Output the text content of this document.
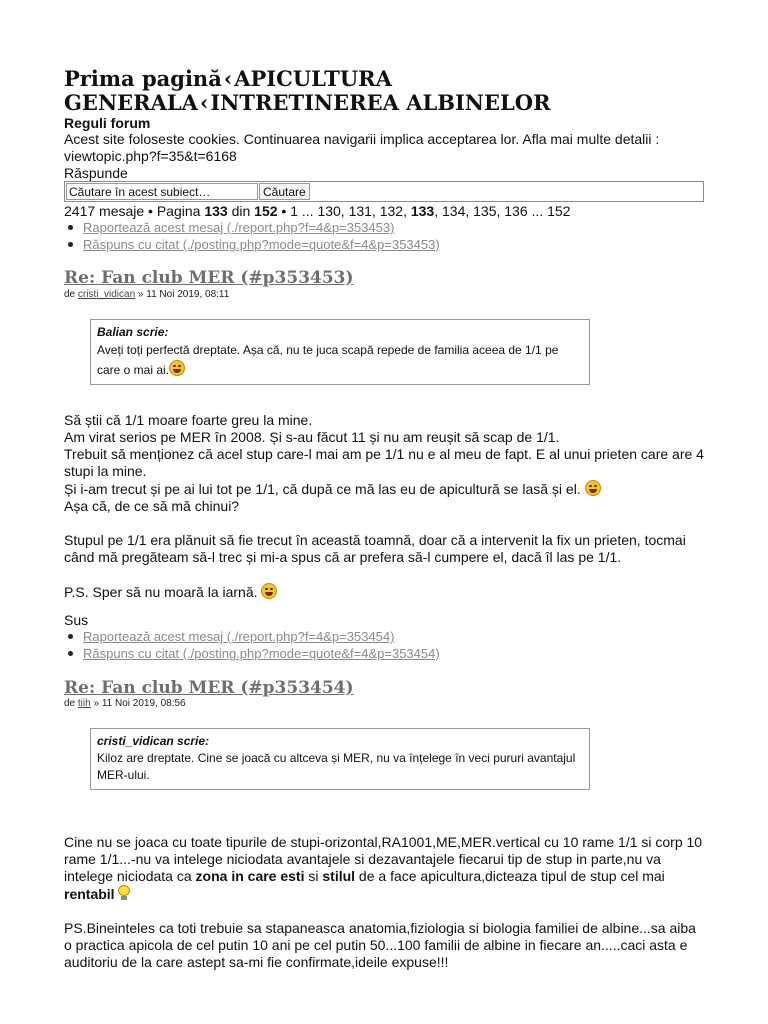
Prima pagină‹APICULTURA GENERALA‹INTRETINEREA ALBINELOR
Reguli forum
Acest site foloseste cookies. Continuarea navigarii implica acceptarea lor. Afla mai multe detalii : viewtopic.php?f=35&t=6168
Răspunde
Căutare în acest subiect…
Căutare
2417 mesaje • Pagina 133 din 152 • 1 ... 130, 131, 132, 133, 134, 135, 136 ... 152
Raportează acest mesaj (./report.php?f=4&p=353453)
Răspuns cu citat (./posting.php?mode=quote&f=4&p=353453)
Re: Fan club MER (#p353453)
de cristi_vidican » 11 Noi 2019, 08:11
Balian scrie:
Aveți toți perfectă dreptate. Așa că, nu te juca scapă repede de familia aceea de 1/1 pe care o mai ai.

Să știi că 1/1 moare foarte greu la mine.

Am virat serios pe MER în 2008. Și s-au făcut 11 și nu am reușit să scap de 1/1.

Trebuit să menționez că acel stup care-l mai am pe 1/1 nu e al meu de fapt. E al unui prieten care are 4 stupi la mine.

Și i-am trecut și pe ai lui tot pe 1/1, că după ce mă las eu de apicultură se lasă și el.

Așa că, de ce să mă chinui?

Stupul pe 1/1 era plănuit să fie trecut în această toamnă, doar că a intervenit la fix un prieten, tocmai când mă pregăteam să-l trec și mi-a spus că ar prefera să-l cumpere el, dacă îl las pe 1/1.

P.S. Sper să nu moară la iarnă.

Sus
Raportează acest mesaj (./report.php?f=4&p=353454)
Răspuns cu citat (./posting.php?mode=quote&f=4&p=353454)
Re: Fan club MER (#p353454)
de tiih » 11 Noi 2019, 08:56
cristi_vidican scrie:
Kiloz are dreptate. Cine se joacă cu altceva și MER, nu va înțelege în veci pururi avantajul MER-ului.

Cine nu se joaca cu toate tipurile de stupi-orizontal,RA1001,ME,MER.vertical cu 10 rame 1/1 si corp 10 rame 1/1...-nu va intelege niciodata avantajele si dezavantajele fiecarui tip de stup in parte,nu va intelege niciodata ca zona in care esti si stilul de a face apicultura,dicteaza tipul de stup cel mai rentabil

PS.Bineinteles ca toti trebuie sa stapaneasca anatomia,fiziologia si biologia familiei de albine...sa aiba o practica apicola de cel putin 10 ani pe cel putin 50...100 familii de albine in fiecare an.....caci asta e auditoriu de la care astept sa-mi fie confirmate,ideile expuse!!!
